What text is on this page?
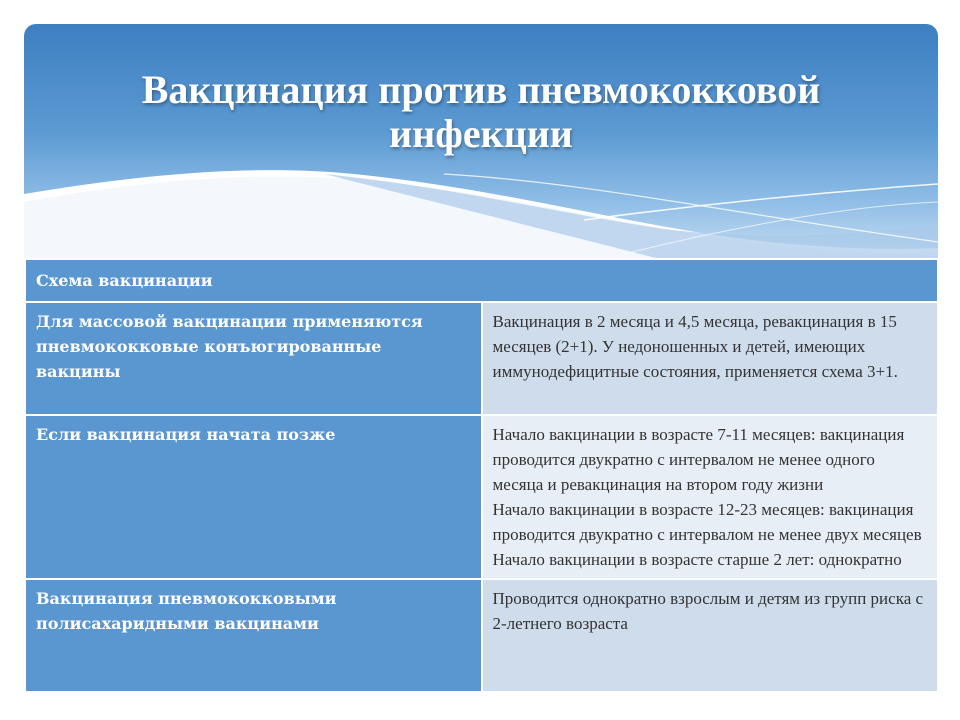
Вакцинация против пневмококковой инфекции
Схема вакцинации	
Для массовой вакцинации применяются пневмококковые конъюгированные вакцины	Вакцинация в 2 месяца и 4,5 месяца, ревакцинация в 15 месяцев (2+1). У недоношенных и детей, имеющих иммунодефицитные состояния, применяется схема 3+1.

Если вакцинация начата позже	Начало вакцинации в возрасте 7-11 месяцев: вакцинация проводится двукратно с интервалом не менее одного месяца и ревакцинация на втором году жизни
Начало вакцинации в возрасте 12-23 месяцев: вакцинация проводится двукратно с интервалом не менее двух месяцев
Начало вакцинации в возрасте старше 2 лет: однократно

Вакцинация пневмококковыми полисахаридными вакцинами	Проводится однократно взрослым и детям из групп риска с 2-летнего возраста
